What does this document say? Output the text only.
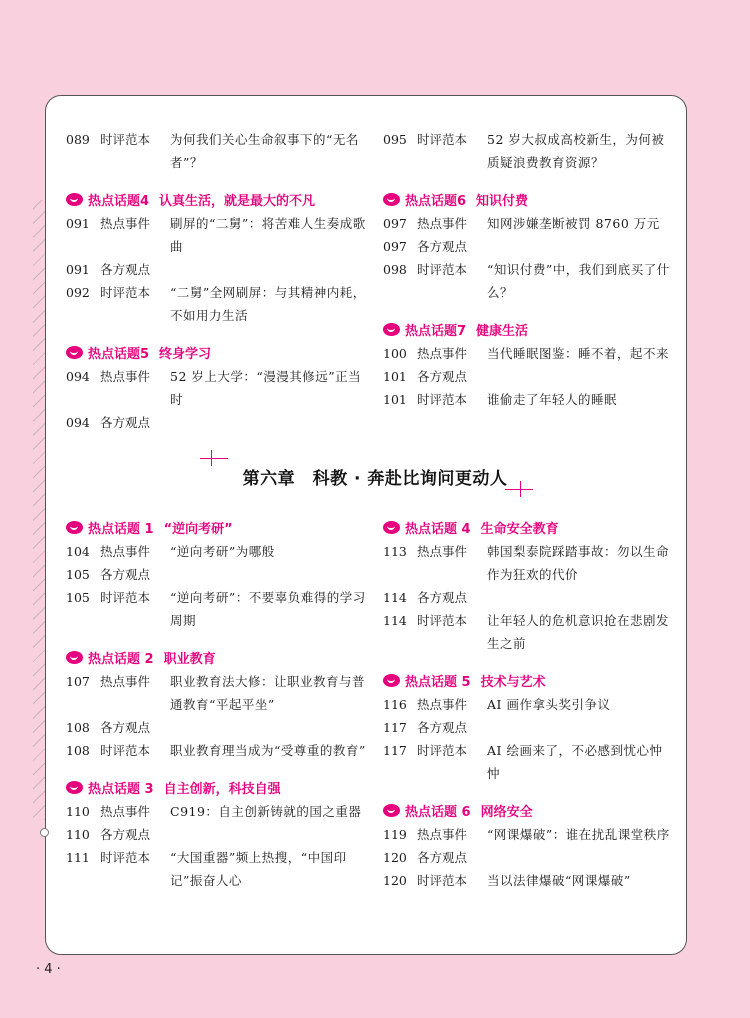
089 时评范本	为何我们关心生命叙事下的“无名者”？
热点话题4 认真生活，就是最大的不凡
091 热点事件	刷屏的“二舅”：将苦难人生奏成歌曲
091 各方观点
092 时评范本	“二舅”全网刷屏：与其精神内耗，不如用力生活
热点话题5 终身学习
094 热点事件	52 岁上大学：“漫漫其修远”正当时
094 各方观点
095 时评范本	52 岁大叔成高校新生，为何被质疑浪费教育资源？
热点话题6 知识付费
097 热点事件	知网涉嫌垄断被罚 8760 万元
097 各方观点
098 时评范本	“知识付费”中，我们到底买了什么？
热点话题7 健康生活
100 热点事件	当代睡眠图鉴：睡不着，起不来
101 各方观点
101 时评范本	谁偷走了年轻人的睡眠
第六章　科教 · 奔赴比询问更动人
热点话题 1 “逆向考研”
104 热点事件	“逆向考研”为哪般
105 各方观点
105 时评范本	“逆向考研”：不要辜负难得的学习周期
热点话题 2 职业教育
107 热点事件	职业教育法大修：让职业教育与普通教育“平起平坐”
108 各方观点
108 时评范本	职业教育理当成为“受尊重的教育”
热点话题 3 自主创新，科技自强
110 热点事件	C919：自主创新铸就的国之重器
110 各方观点
111 时评范本	“大国重器”频上热搜，“中国印记”振奋人心
热点话题 4 生命安全教育
113 热点事件	韩国梨泰院踩踏事故：勿以生命作为狂欢的代价
114 各方观点
114 时评范本	让年轻人的危机意识抢在悲剧发生之前
热点话题 5 技术与艺术
116 热点事件	AI 画作拿头奖引争议
117 各方观点
117 时评范本	AI 绘画来了，不必感到忧心忡忡
热点话题 6 网络安全
119 热点事件	“网课爆破”：谁在扰乱课堂秩序
120 各方观点
120 时评范本	当以法律爆破“网课爆破”
· 4 ·
